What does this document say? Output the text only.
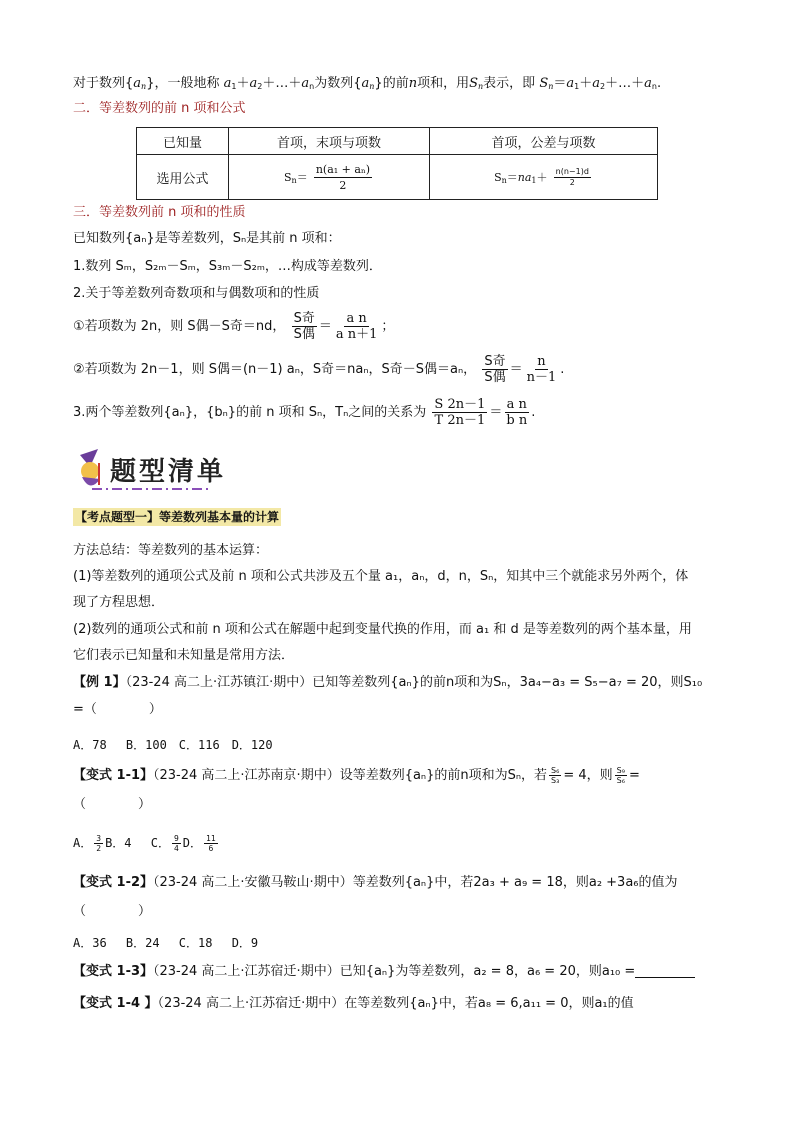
对于数列$\{a_n\}$，一般地称 $a_1+a_2+\dots+a_n$为数列$\{a_n\}$的前n项和，用$S_n$表示，即 $S_n=a_1+a_2+\dots+a_n$.
二．等差数列的前 n 项和公式
已知量	首项，末项与项数	首项，公差与项数
选用公式	$S_n= \frac{\text{n(a₁ + aₙ)}}{2}$	$S_n=na_1+ \frac{n(n-1)d}{2}$
三．等差数列前 n 项和的性质
已知数列{aₙ}是等差数列，Sₙ是其前 n 项和：
1.数列 Sₘ，S₂ₘ－Sₘ，S₃ₘ－S₂ₘ，…构成等差数列．
2.关于等差数列奇数项和与偶数项和的性质
①若项数为 2n，则 S偶－S奇＝nd， $\frac{\text{S奇}}{\text{S偶}} = \frac{\text{a n}}{\text{a n＋1}}$ ；
②若项数为 2n－1，则 S偶＝(n－1) aₙ，S奇＝naₙ，S奇－S偶＝aₙ， $\frac{\text{S奇}}{\text{S偶}} = \frac{n}{n-1}$ .
3.两个等差数列{aₙ}，{bₙ}的前 n 项和 Sₙ，Tₙ之间的关系为 $\frac{S 2n-1}{T 2n-1} = \frac{\text{a n}}{\text{b n}}$ .
题型清单
【考点题型一】等差数列基本量的计算
方法总结：等差数列的基本运算：
(1)等差数列的通项公式及前 n 项和公式共涉及五个量 a₁，aₙ，d，n，Sₙ，知其中三个就能求另外两个，体
现了方程思想．
(2)数列的通项公式和前 n 项和公式在解题中起到变量代换的作用，而 a₁ 和 d 是等差数列的两个基本量，用
它们表示已知量和未知量是常用方法．
【例 1】（23-24 高二上·江苏镇江·期中）已知等差数列{aₙ}的前n项和为Sₙ，3a₄−a₃ = S₅−a₇ = 20，则S₁₀
=（　　　　）
A．78　 B．100　C．116　D．120
【变式 1-1】（23-24 高二上·江苏南京·期中）设等差数列{aₙ}的前n项和为Sₙ，若 $\frac{\text{S₆}}{\text{S₃}} = 4$，则 $\frac{\text{S₉}}{\text{S₆}}$ =
（　　　　）
A． $\frac{3}{2}$ B．4　 C． $\frac{9}{4}$ D． $\frac{11}{6}$
【变式 1-2】（23-24 高二上·安徽马鞍山·期中）等差数列{aₙ}中，若2a₃ + a₉ = 18，则a₂ +3a₆的值为
（　　　　）
A．36　 B．24　 C．18　 D．9
【变式 1-3】（23-24 高二上·江苏宿迁·期中）已知{aₙ}为等差数列，a₂ = 8，a₆ = 20，则a₁₀ =
【变式 1-4 】（23-24 高二上·江苏宿迁·期中）在等差数列{aₙ}中，若a₈ = 6,a₁₁ = 0，则a₁的值
